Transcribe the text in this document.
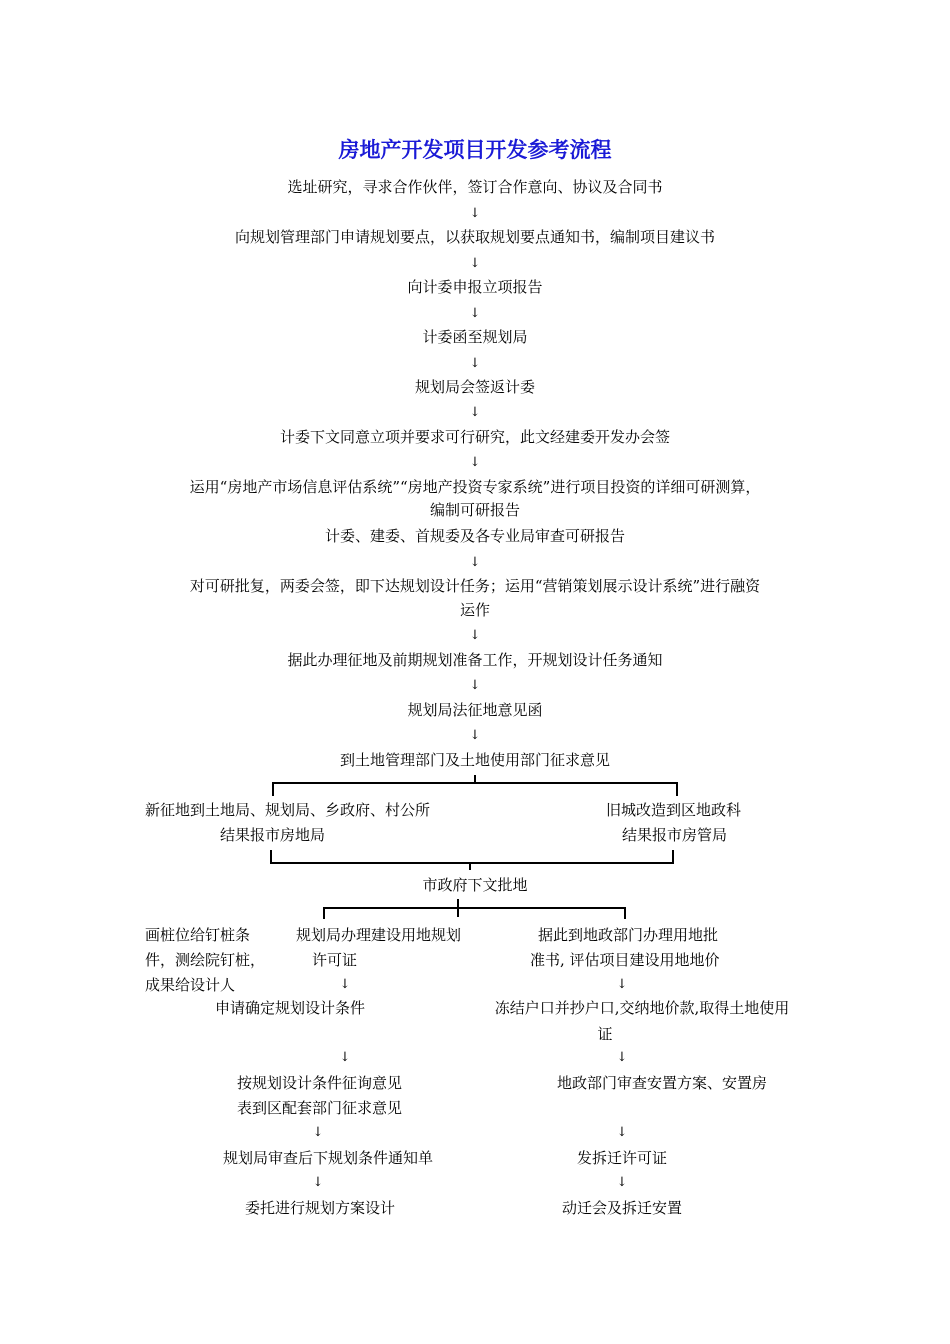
房地产开发项目开发参考流程
选址研究，寻求合作伙伴，签订合作意向、协议及合同书
↓
向规划管理部门申请规划要点，以获取规划要点通知书，编制项目建议书
↓
向计委申报立项报告
↓
计委函至规划局
↓
规划局会签返计委
↓
计委下文同意立项并要求可行研究，此文经建委开发办会签
↓
运用“房地产市场信息评估系统”“房地产投资专家系统”进行项目投资的详细可研测算，
编制可研报告
计委、建委、首规委及各专业局审查可研报告
↓
对可研批复，两委会签，即下达规划设计任务；运用“营销策划展示设计系统”进行融资
运作
↓
据此办理征地及前期规划准备工作，开规划设计任务通知
↓
规划局法征地意见函
↓
到土地管理部门及土地使用部门征求意见
新征地到土地局、规划局、乡政府、村公所
结果报市房地局
旧城改造到区地政科
结果报市房管局
市政府下文批地
画桩位给钉桩条
件，测绘院钉桩，
成果给设计人
规划局办理建设用地规划
许可证
据此到地政部门办理用地批
准书, 评估项目建设用地地价
↓	↓
申请确定规划设计条件	冻结户口并抄户口,交纳地价款,取得土地使用
证
↓	↓
按规划设计条件征询意见
表到区配套部门征求意见
地政部门审查安置方案、安置房
↓	↓
规划局审查后下规划条件通知单	发拆迁许可证
↓	↓
委托进行规划方案设计	动迁会及拆迁安置
